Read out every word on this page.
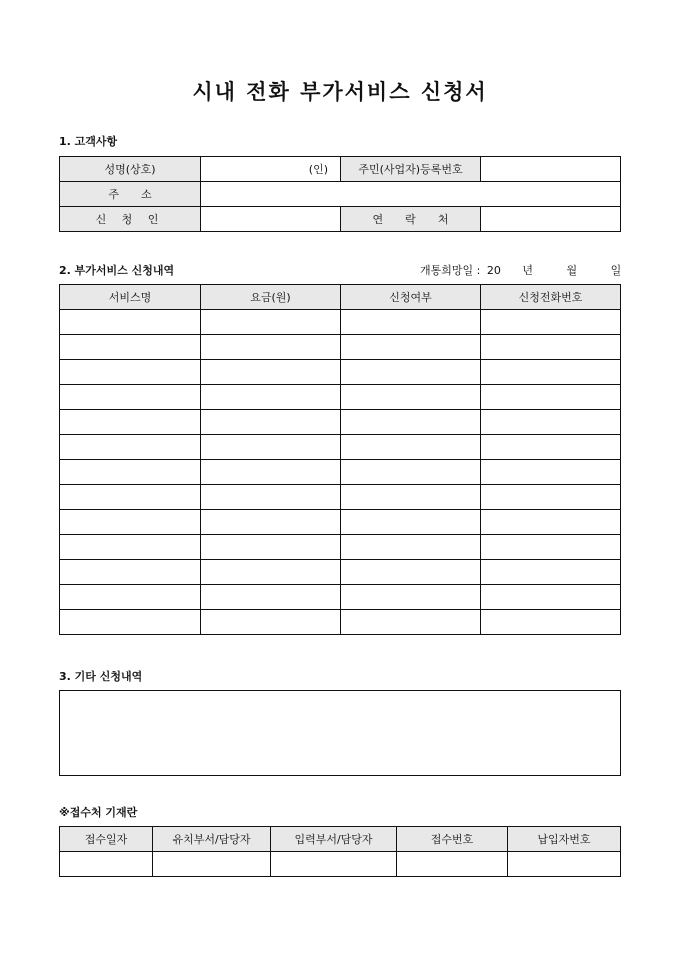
시내 전화 부가서비스 신청서
1. 고객사항
성명(상호)	(인)	주민(사업자)등록번호	
주소			
신 청 인		연락처	
2. 부가서비스 신청내역	개통희망일 : 20 년	월	일
서비스명	요금(원)	신청여부	신청전화번호

3. 기타 신청내역
※접수처 기재란
접수일자	유치부서/담당자	입력부서/담당자	접수번호	납입자번호
